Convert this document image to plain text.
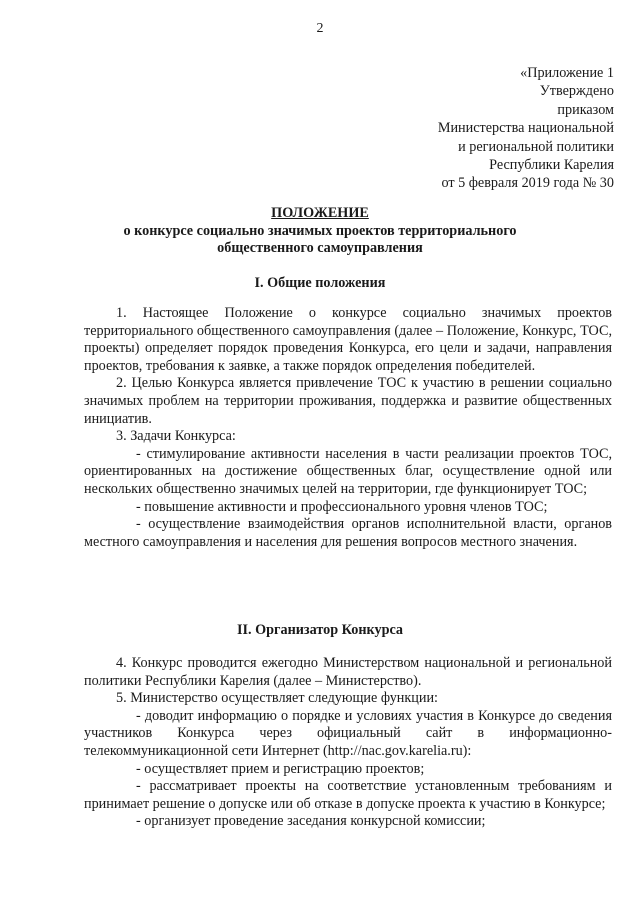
2
«Приложение 1
Утверждено
приказом
Министерства национальной
и региональной политики
Республики Карелия
от 5 февраля 2019 года № 30
ПОЛОЖЕНИЕ
о конкурсе социально значимых проектов территориального
общественного самоуправления
I. Общие положения

1. Настоящее Положение о конкурсе социально значимых проектов территориального общественного самоуправления (далее – Положение, Конкурс, ТОС, проекты) определяет порядок проведения Конкурса, его цели и задачи, направления проектов, требования к заявке, а также порядок определения победителей.

2. Целью Конкурса является привлечение ТОС к участию в решении социально значимых проблем на территории проживания, поддержка и развитие общественных инициатив.

3. Задачи Конкурса:

- стимулирование активности населения в части реализации проектов ТОС, ориентированных на достижение общественных благ, осуществление одной или нескольких общественно значимых целей на территории, где функционирует ТОС;

- повышение активности и профессионального уровня членов ТОС;

- осуществление взаимодействия органов исполнительной власти, органов местного самоуправления и населения для решения вопросов местного значения.

II. Организатор Конкурса

4. Конкурс проводится ежегодно Министерством национальной и региональной политики Республики Карелия (далее – Министерство).

5. Министерство осуществляет следующие функции:

- доводит информацию о порядке и условиях участия в Конкурсе до сведения участников Конкурса через официальный сайт в информационно-телекоммуникационной сети Интернет (http://nac.gov.karelia.ru):

- осуществляет прием и регистрацию проектов;

- рассматривает проекты на соответствие установленным требованиям и принимает решение о допуске или об отказе в допуске проекта к участию в Конкурсе;

- организует проведение заседания конкурсной комиссии;
